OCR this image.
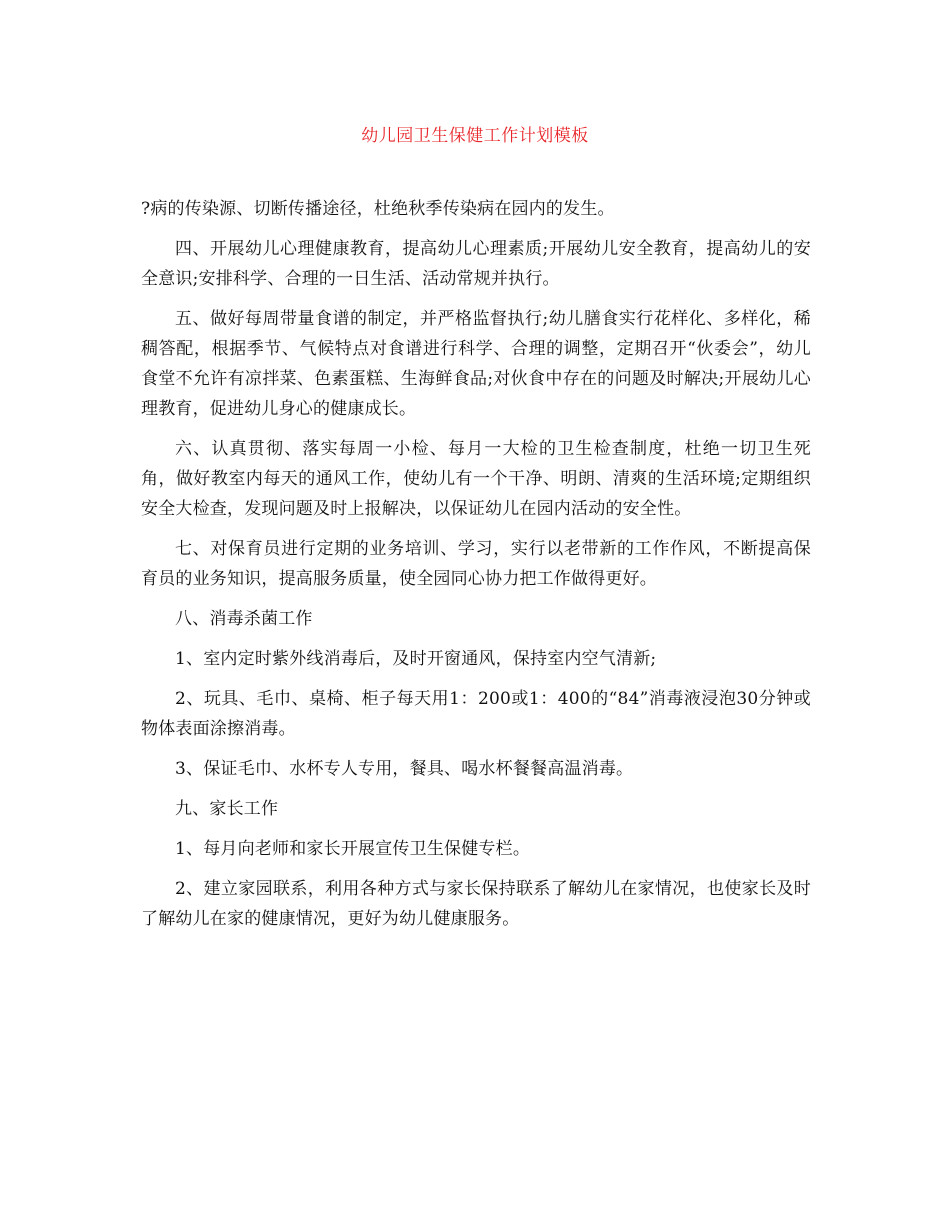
幼儿园卫生保健工作计划模板

?病的传染源、切断传播途径，杜绝秋季传染病在园内的发生。

四、开展幼儿心理健康教育，提高幼儿心理素质;开展幼儿安全教育，提高幼儿的安全意识;安排科学、合理的一日生活、活动常规并执行。

五、做好每周带量食谱的制定，并严格监督执行;幼儿膳食实行花样化、多样化，稀稠答配，根据季节、气候特点对食谱进行科学、合理的调整，定期召开“伙委会”，幼儿食堂不允许有凉拌菜、色素蛋糕、生海鲜食品;对伙食中存在的问题及时解决;开展幼儿心理教育，促进幼儿身心的健康成长。

六、认真贯彻、落实每周一小检、每月一大检的卫生检查制度，杜绝一切卫生死角，做好教室内每天的通风工作，使幼儿有一个干净、明朗、清爽的生活环境;定期组织安全大检查，发现问题及时上报解决，以保证幼儿在园内活动的安全性。

七、对保育员进行定期的业务培训、学习，实行以老带新的工作作风，不断提高保育员的业务知识，提高服务质量，使全园同心协力把工作做得更好。

八、消毒杀菌工作

1、室内定时紫外线消毒后，及时开窗通风，保持室内空气清新;

2、玩具、毛巾、桌椅、柜子每天用1：200或1：400的“84”消毒液浸泡30分钟或物体表面涂擦消毒。

3、保证毛巾、水杯专人专用，餐具、喝水杯餐餐高温消毒。

九、家长工作

1、每月向老师和家长开展宣传卫生保健专栏。

2、建立家园联系，利用各种方式与家长保持联系了解幼儿在家情况，也使家长及时了解幼儿在家的健康情况，更好为幼儿健康服务。
